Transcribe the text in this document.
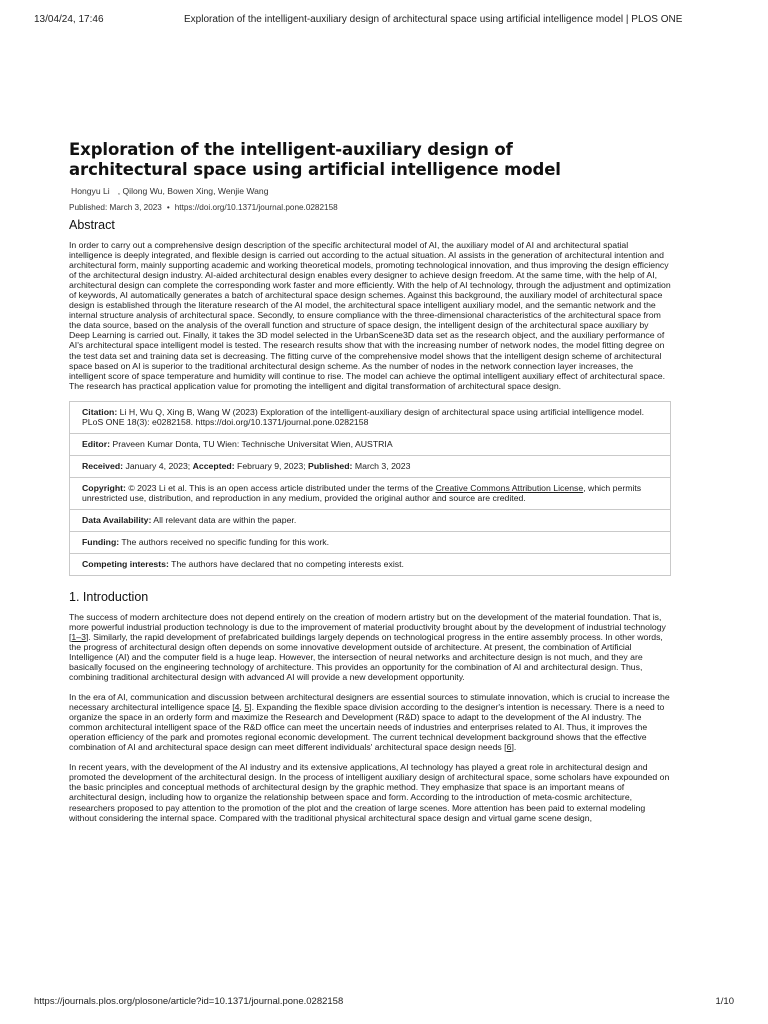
13/04/24, 17:46	Exploration of the intelligent-auxiliary design of architectural space using artificial intelligence model | PLOS ONE
Exploration of the intelligent-auxiliary design of
architectural space using artificial intelligence model
Hongyu Li , Qilong Wu, Bowen Xing, Wenjie Wang
Published: March 3, 2023 • https://doi.org/10.1371/journal.pone.0282158
Abstract

In order to carry out a comprehensive design description of the specific architectural model of AI, the auxiliary model of AI and architectural spatial intelligence is deeply integrated, and flexible design is carried out according to the actual situation. AI assists in the generation of architectural intention and architectural form, mainly supporting academic and working theoretical models, promoting technological innovation, and thus improving the design efficiency of the architectural design industry. AI-aided architectural design enables every designer to achieve design freedom. At the same time, with the help of AI, architectural design can complete the corresponding work faster and more efficiently. With the help of AI technology, through the adjustment and optimization of keywords, AI automatically generates a batch of architectural space design schemes. Against this background, the auxiliary model of architectural space design is established through the literature research of the AI model, the architectural space intelligent auxiliary model, and the semantic network and the internal structure analysis of architectural space. Secondly, to ensure compliance with the three-dimensional characteristics of the architectural space from the data source, based on the analysis of the overall function and structure of space design, the intelligent design of the architectural space auxiliary by Deep Learning is carried out. Finally, it takes the 3D model selected in the UrbanScene3D data set as the research object, and the auxiliary performance of AI's architectural space intelligent model is tested. The research results show that with the increasing number of network nodes, the model fitting degree on the test data set and training data set is decreasing. The fitting curve of the comprehensive model shows that the intelligent design scheme of architectural space based on AI is superior to the traditional architectural design scheme. As the number of nodes in the network connection layer increases, the intelligent score of space temperature and humidity will continue to rise. The model can achieve the optimal intelligent auxiliary effect of architectural space. The research has practical application value for promoting the intelligent and digital transformation of architectural space design.

Citation: Li H, Wu Q, Xing B, Wang W (2023) Exploration of the intelligent-auxiliary design of architectural space using artificial intelligence model. PLoS ONE 18(3): e0282158. https://doi.org/10.1371/journal.pone.0282158
Editor: Praveen Kumar Donta, TU Wien: Technische Universitat Wien, AUSTRIA
Received: January 4, 2023; Accepted: February 9, 2023; Published: March 3, 2023
Copyright: © 2023 Li et al. This is an open access article distributed under the terms of the Creative Commons Attribution License, which permits unrestricted use, distribution, and reproduction in any medium, provided the original author and source are credited.
Data Availability: All relevant data are within the paper.
Funding: The authors received no specific funding for this work.
Competing interests: The authors have declared that no competing interests exist.
1. Introduction

The success of modern architecture does not depend entirely on the creation of modern artistry but on the development of the material foundation. That is, more powerful industrial production technology is due to the improvement of material productivity brought about by the development of industrial technology [1–3]. Similarly, the rapid development of prefabricated buildings largely depends on technological progress in the entire assembly process. In other words, the progress of architectural design often depends on some innovative development outside of architecture. At present, the combination of Artificial Intelligence (AI) and the computer field is a huge leap. However, the intersection of neural networks and architecture design is not much, and they are basically focused on the engineering technology of architecture. This provides an opportunity for the combination of AI and architectural design. Thus, combining traditional architectural design with advanced AI will provide a new development opportunity.

In the era of AI, communication and discussion between architectural designers are essential sources to stimulate innovation, which is crucial to increase the necessary architectural intelligence space [4, 5]. Expanding the flexible space division according to the designer's intention is necessary. There is a need to organize the space in an orderly form and maximize the Research and Development (R&D) space to adapt to the development of the AI industry. The common architectural intelligent space of the R&D office can meet the uncertain needs of industries and enterprises related to AI. Thus, it improves the operation efficiency of the park and promotes regional economic development. The current technical development background shows that the effective combination of AI and architectural space design can meet different individuals' architectural space design needs [6].

In recent years, with the development of the AI industry and its extensive applications, AI technology has played a great role in architectural design and promoted the development of the architectural design. In the process of intelligent auxiliary design of architectural space, some scholars have expounded on the basic principles and conceptual methods of architectural design by the graphic method. They emphasize that space is an important means of architectural design, including how to organize the relationship between space and form. According to the introduction of meta-cosmic architecture, researchers proposed to pay attention to the promotion of the plot and the creation of large scenes. More attention has been paid to external modeling without considering the internal space. Compared with the traditional physical architectural space design and virtual game scene design,

https://journals.plos.org/plosone/article?id=10.1371/journal.pone.0282158	1/10
